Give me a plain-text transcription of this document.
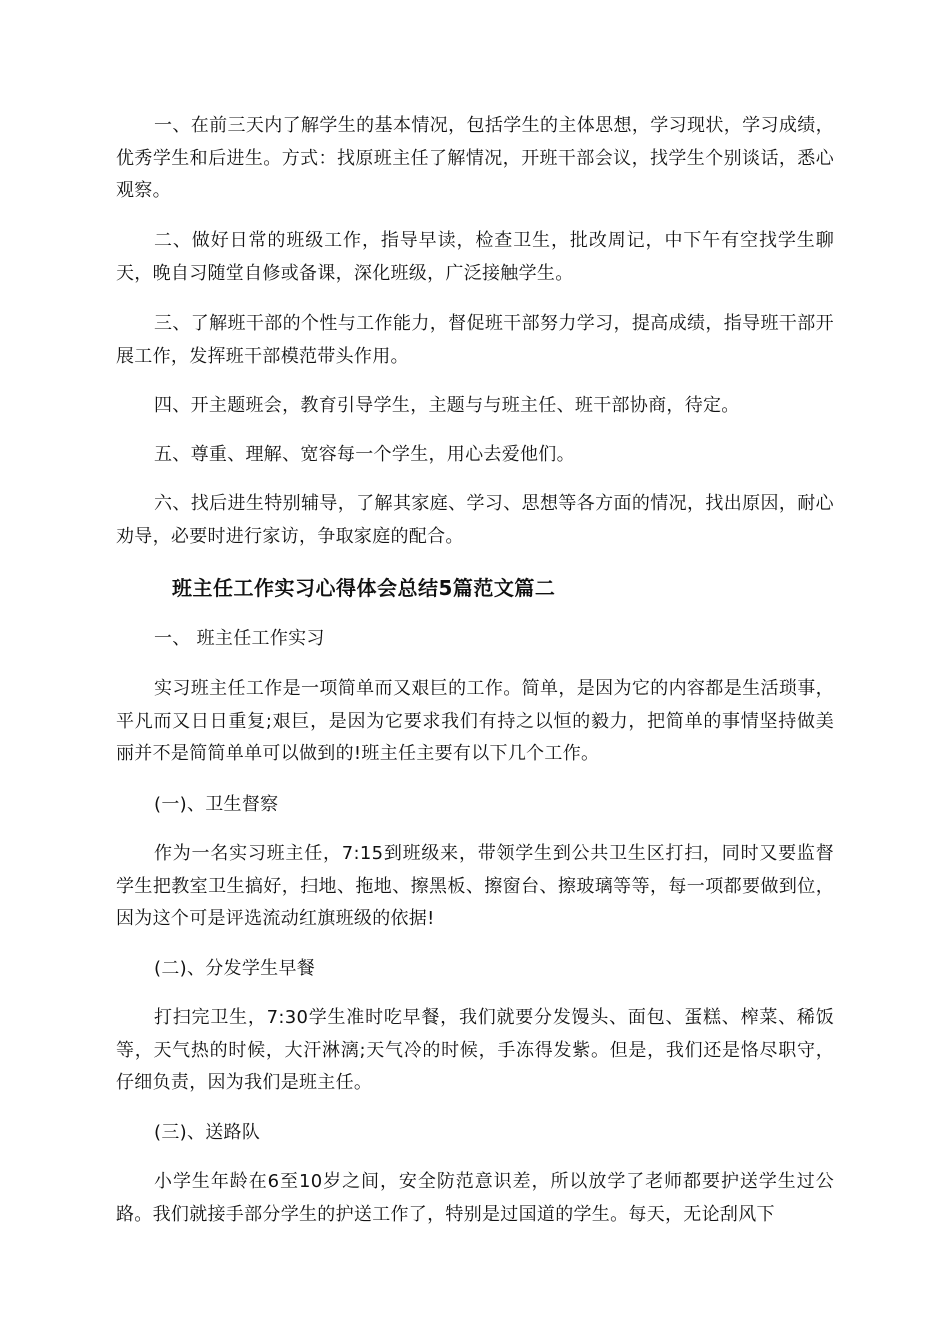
一、在前三天内了解学生的基本情况，包括学生的主体思想，学习现状，学习成绩，优秀学生和后进生。方式：找原班主任了解情况，开班干部会议，找学生个别谈话，悉心观察。

二、做好日常的班级工作，指导早读，检查卫生，批改周记，中下午有空找学生聊天，晚自习随堂自修或备课，深化班级，广泛接触学生。

三、了解班干部的个性与工作能力，督促班干部努力学习，提高成绩，指导班干部开展工作，发挥班干部模范带头作用。

四、开主题班会，教育引导学生，主题与与班主任、班干部协商，待定。

五、尊重、理解、宽容每一个学生，用心去爱他们。

六、找后进生特别辅导，了解其家庭、学习、思想等各方面的情况，找出原因，耐心劝导，必要时进行家访，争取家庭的配合。

班主任工作实习心得体会总结5篇范文篇二

一、 班主任工作实习

实习班主任工作是一项简单而又艰巨的工作。简单，是因为它的内容都是生活琐事，平凡而又日日重复;艰巨，是因为它要求我们有持之以恒的毅力，把简单的事情坚持做美丽并不是简简单单可以做到的!班主任主要有以下几个工作。

(一)、卫生督察

作为一名实习班主任，7:15到班级来，带领学生到公共卫生区打扫，同时又要监督学生把教室卫生搞好，扫地、拖地、擦黑板、擦窗台、擦玻璃等等，每一项都要做到位，因为这个可是评选流动红旗班级的依据!

(二)、分发学生早餐

打扫完卫生，7:30学生准时吃早餐，我们就要分发馒头、面包、蛋糕、榨菜、稀饭等，天气热的时候，大汗淋漓;天气冷的时候，手冻得发紫。但是，我们还是恪尽职守，仔细负责，因为我们是班主任。

(三)、送路队

小学生年龄在6至10岁之间，安全防范意识差，所以放学了老师都要护送学生过公路。我们就接手部分学生的护送工作了，特别是过国道的学生。每天，无论刮风下
